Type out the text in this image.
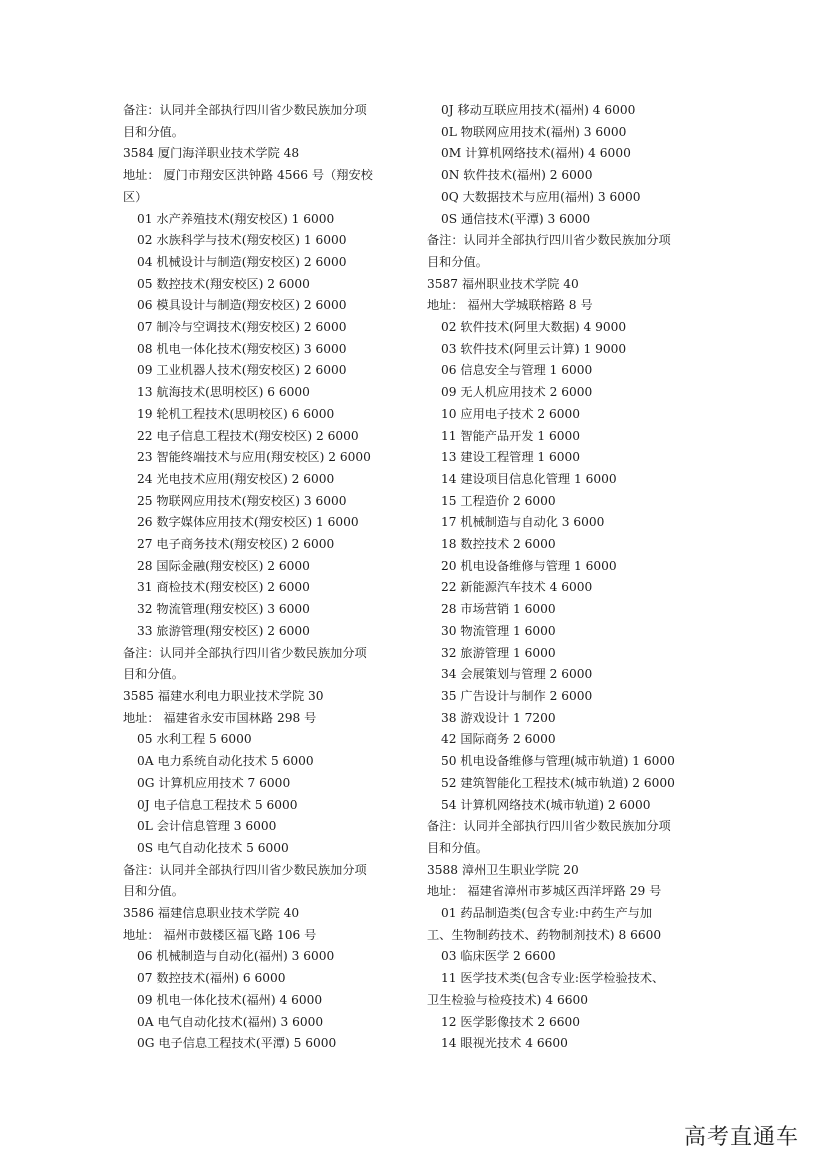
备注：认同并全部执行四川省少数民族加分项

目和分值。

3584 厦门海洋职业技术学院 48

地址： 厦门市翔安区洪钟路 4566 号（翔安校

区）

01 水产养殖技术(翔安校区) 1 6000

02 水族科学与技术(翔安校区) 1 6000

04 机械设计与制造(翔安校区) 2 6000

05 数控技术(翔安校区) 2 6000

06 模具设计与制造(翔安校区) 2 6000

07 制冷与空调技术(翔安校区) 2 6000

08 机电一体化技术(翔安校区) 3 6000

09 工业机器人技术(翔安校区) 2 6000

13 航海技术(思明校区) 6 6000

19 轮机工程技术(思明校区) 6 6000

22 电子信息工程技术(翔安校区) 2 6000

23 智能终端技术与应用(翔安校区) 2 6000

24 光电技术应用(翔安校区) 2 6000

25 物联网应用技术(翔安校区) 3 6000

26 数字媒体应用技术(翔安校区) 1 6000

27 电子商务技术(翔安校区) 2 6000

28 国际金融(翔安校区) 2 6000

31 商检技术(翔安校区) 2 6000

32 物流管理(翔安校区) 3 6000

33 旅游管理(翔安校区) 2 6000

备注：认同并全部执行四川省少数民族加分项

目和分值。

3585 福建水利电力职业技术学院 30

地址： 福建省永安市国林路 298 号

05 水利工程 5 6000

0A 电力系统自动化技术 5 6000

0G 计算机应用技术 7 6000

0J 电子信息工程技术 5 6000

0L 会计信息管理 3 6000

0S 电气自动化技术 5 6000

备注：认同并全部执行四川省少数民族加分项

目和分值。

3586 福建信息职业技术学院 40

地址： 福州市鼓楼区福飞路 106 号

06 机械制造与自动化(福州) 3 6000

07 数控技术(福州) 6 6000

09 机电一体化技术(福州) 4 6000

0A 电气自动化技术(福州) 3 6000

0G 电子信息工程技术(平潭) 5 6000

0J 移动互联应用技术(福州) 4 6000

0L 物联网应用技术(福州) 3 6000

0M 计算机网络技术(福州) 4 6000

0N 软件技术(福州) 2 6000

0Q 大数据技术与应用(福州) 3 6000

0S 通信技术(平潭) 3 6000

备注：认同并全部执行四川省少数民族加分项

目和分值。

3587 福州职业技术学院 40

地址： 福州大学城联榕路 8 号

02 软件技术(阿里大数据) 4 9000

03 软件技术(阿里云计算) 1 9000

06 信息安全与管理 1 6000

09 无人机应用技术 2 6000

10 应用电子技术 2 6000

11 智能产品开发 1 6000

13 建设工程管理 1 6000

14 建设项目信息化管理 1 6000

15 工程造价 2 6000

17 机械制造与自动化 3 6000

18 数控技术 2 6000

20 机电设备维修与管理 1 6000

22 新能源汽车技术 4 6000

28 市场营销 1 6000

30 物流管理 1 6000

32 旅游管理 1 6000

34 会展策划与管理 2 6000

35 广告设计与制作 2 6000

38 游戏设计 1 7200

42 国际商务 2 6000

50 机电设备维修与管理(城市轨道) 1 6000

52 建筑智能化工程技术(城市轨道) 2 6000

54 计算机网络技术(城市轨道) 2 6000

备注：认同并全部执行四川省少数民族加分项

目和分值。

3588 漳州卫生职业学院 20

地址： 福建省漳州市芗城区西洋坪路 29 号

01 药品制造类(包含专业:中药生产与加

工、生物制药技术、药物制剂技术) 8 6600

03 临床医学 2 6600

11 医学技术类(包含专业:医学检验技术、

卫生检验与检疫技术) 4 6600

12 医学影像技术 2 6600

14 眼视光技术 4 6600

高考直通车
